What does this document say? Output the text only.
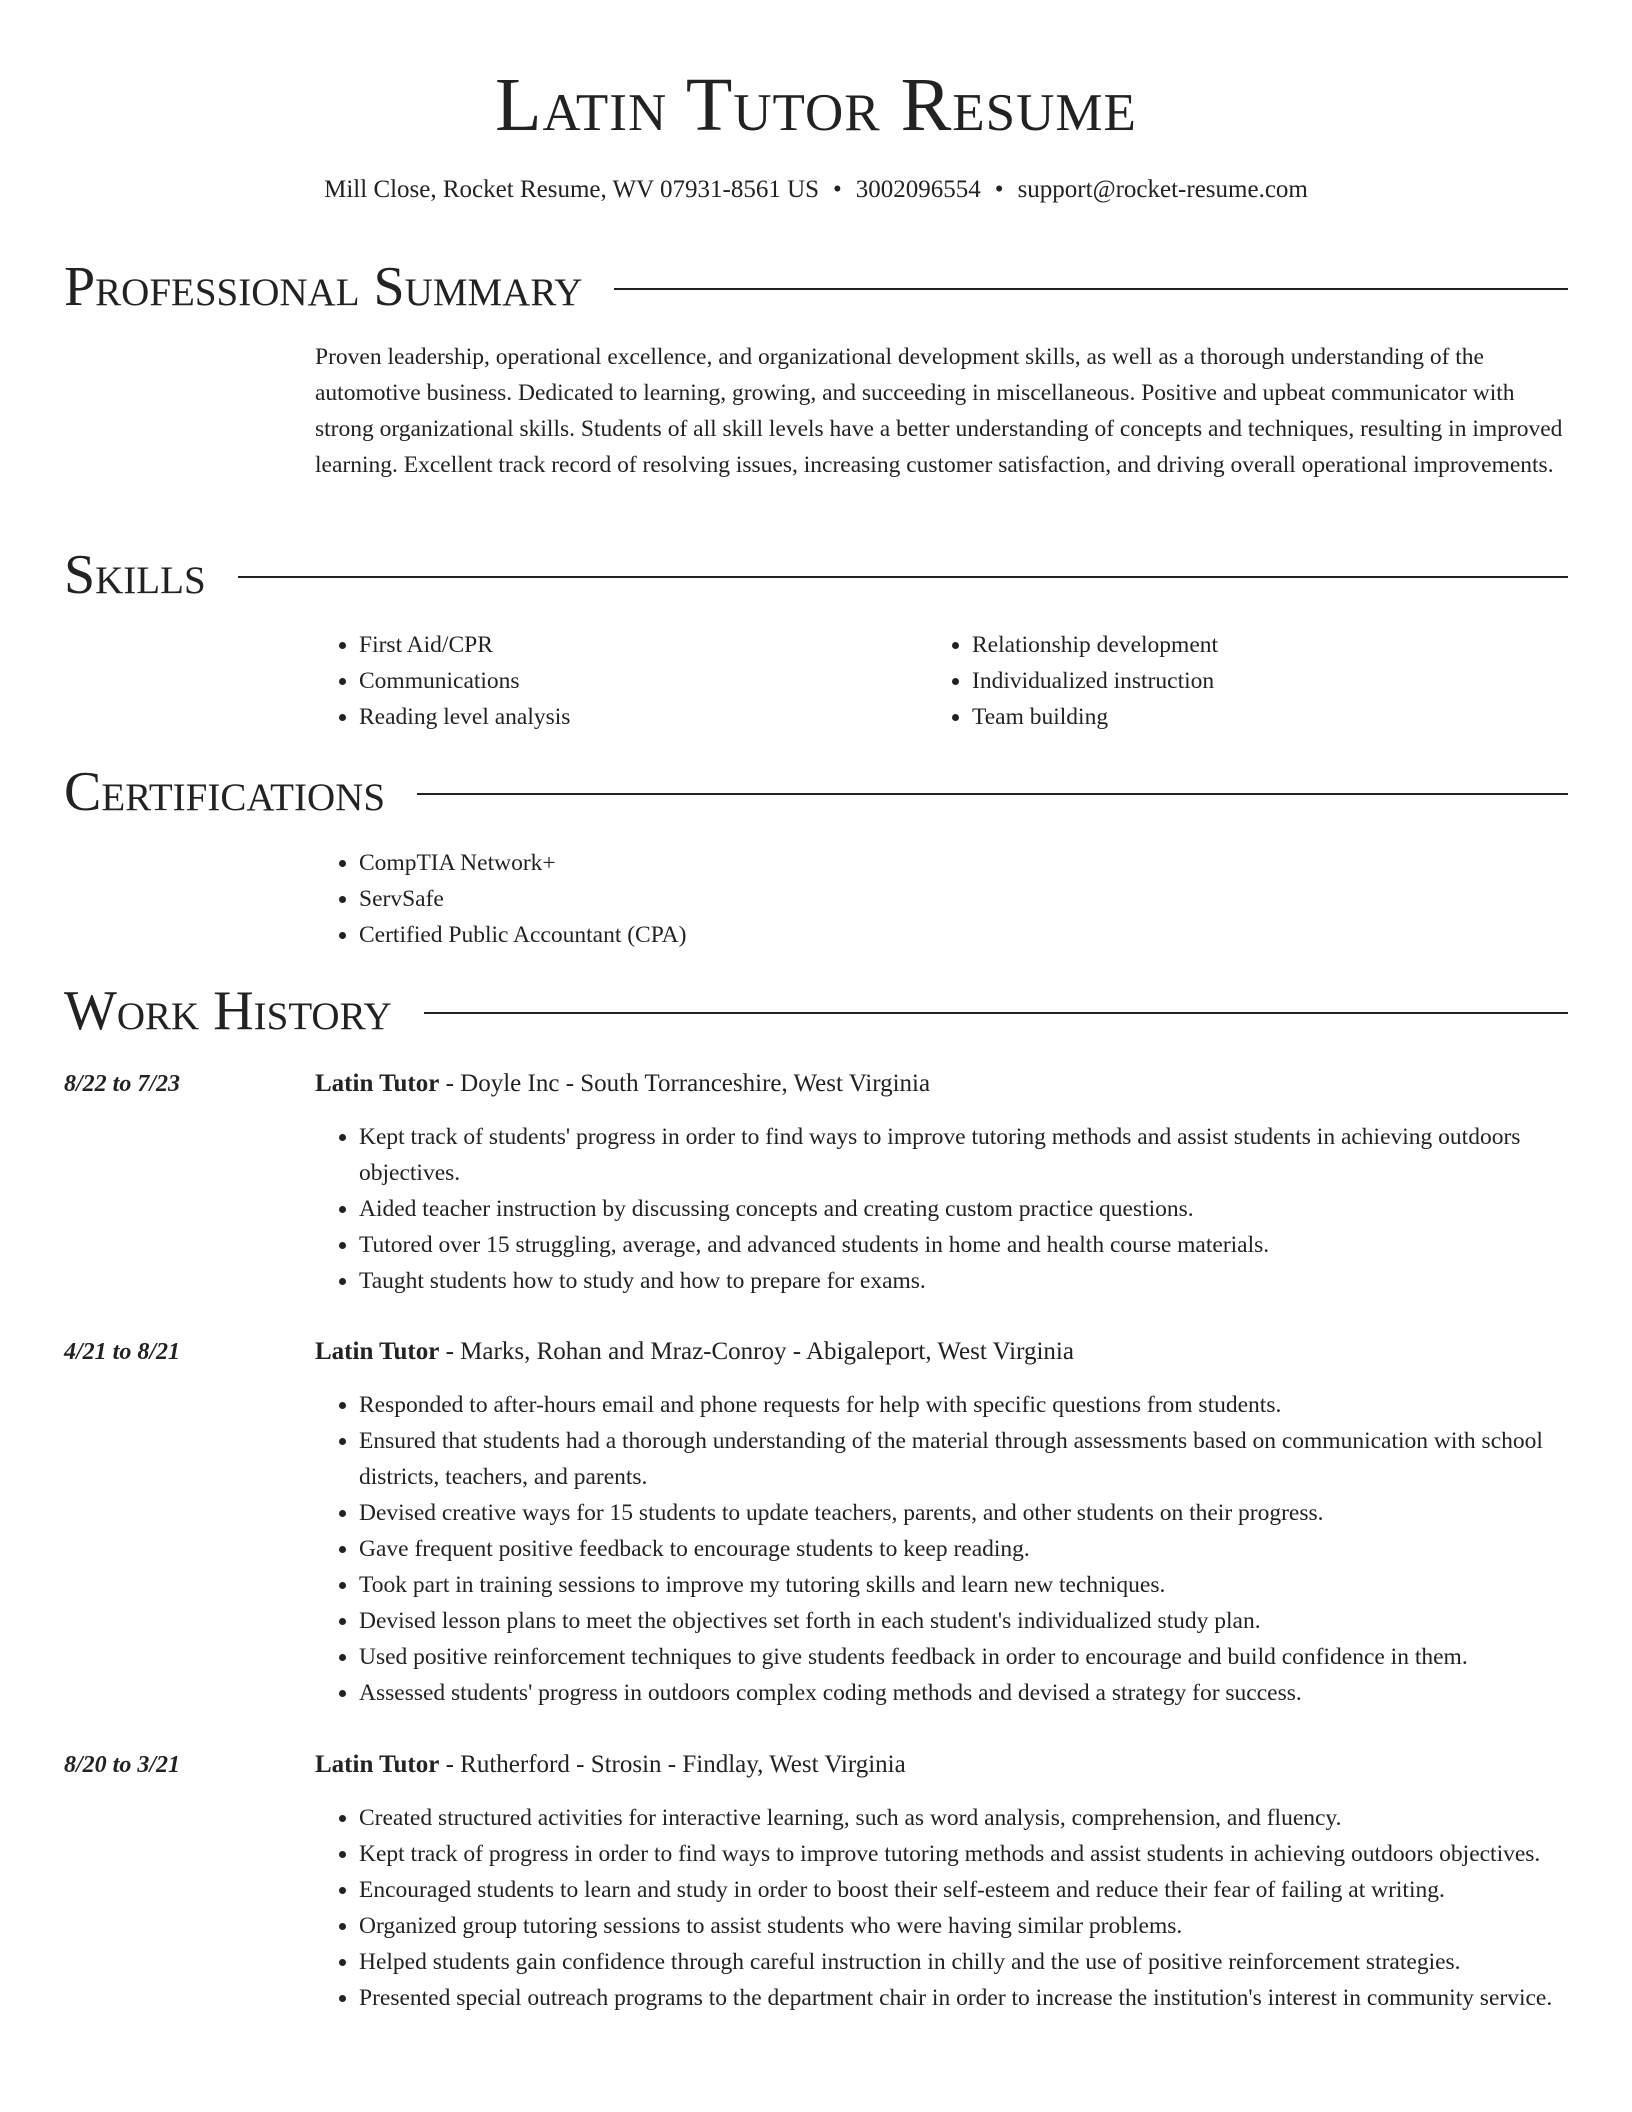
Latin Tutor Resume
Mill Close, Rocket Resume, WV 07931-8561 US • 3002096554 • support@rocket-resume.com
Professional Summary

Proven leadership, operational excellence, and organizational development skills, as well as a thorough understanding of the automotive business. Dedicated to learning, growing, and succeeding in miscellaneous. Positive and upbeat communicator with strong organizational skills. Students of all skill levels have a better understanding of concepts and techniques, resulting in improved learning. Excellent track record of resolving issues, increasing customer satisfaction, and driving overall operational improvements.

Skills
• First Aid/CPR
• Communications
• Reading level analysis
• Relationship development
• Individualized instruction
• Team building
Certifications
• CompTIA Network+
• ServSafe
• Certified Public Accountant (CPA)
Work History
8/22 to 7/23	Latin Tutor - Doyle Inc - South Torranceshire, West Virginia
• Kept track of students' progress in order to find ways to improve tutoring methods and assist students in achieving outdoors objectives.
• Aided teacher instruction by discussing concepts and creating custom practice questions.
• Tutored over 15 struggling, average, and advanced students in home and health course materials.
• Taught students how to study and how to prepare for exams.
4/21 to 8/21	Latin Tutor - Marks, Rohan and Mraz-Conroy - Abigaleport, West Virginia
• Responded to after-hours email and phone requests for help with specific questions from students.
• Ensured that students had a thorough understanding of the material through assessments based on communication with school districts, teachers, and parents.
• Devised creative ways for 15 students to update teachers, parents, and other students on their progress.
• Gave frequent positive feedback to encourage students to keep reading.
• Took part in training sessions to improve my tutoring skills and learn new techniques.
• Devised lesson plans to meet the objectives set forth in each student's individualized study plan.
• Used positive reinforcement techniques to give students feedback in order to encourage and build confidence in them.
• Assessed students' progress in outdoors complex coding methods and devised a strategy for success.
8/20 to 3/21	Latin Tutor - Rutherford - Strosin - Findlay, West Virginia
• Created structured activities for interactive learning, such as word analysis, comprehension, and fluency.
• Kept track of progress in order to find ways to improve tutoring methods and assist students in achieving outdoors objectives.
• Encouraged students to learn and study in order to boost their self-esteem and reduce their fear of failing at writing.
• Organized group tutoring sessions to assist students who were having similar problems.
• Helped students gain confidence through careful instruction in chilly and the use of positive reinforcement strategies.
• Presented special outreach programs to the department chair in order to increase the institution's interest in community service.
